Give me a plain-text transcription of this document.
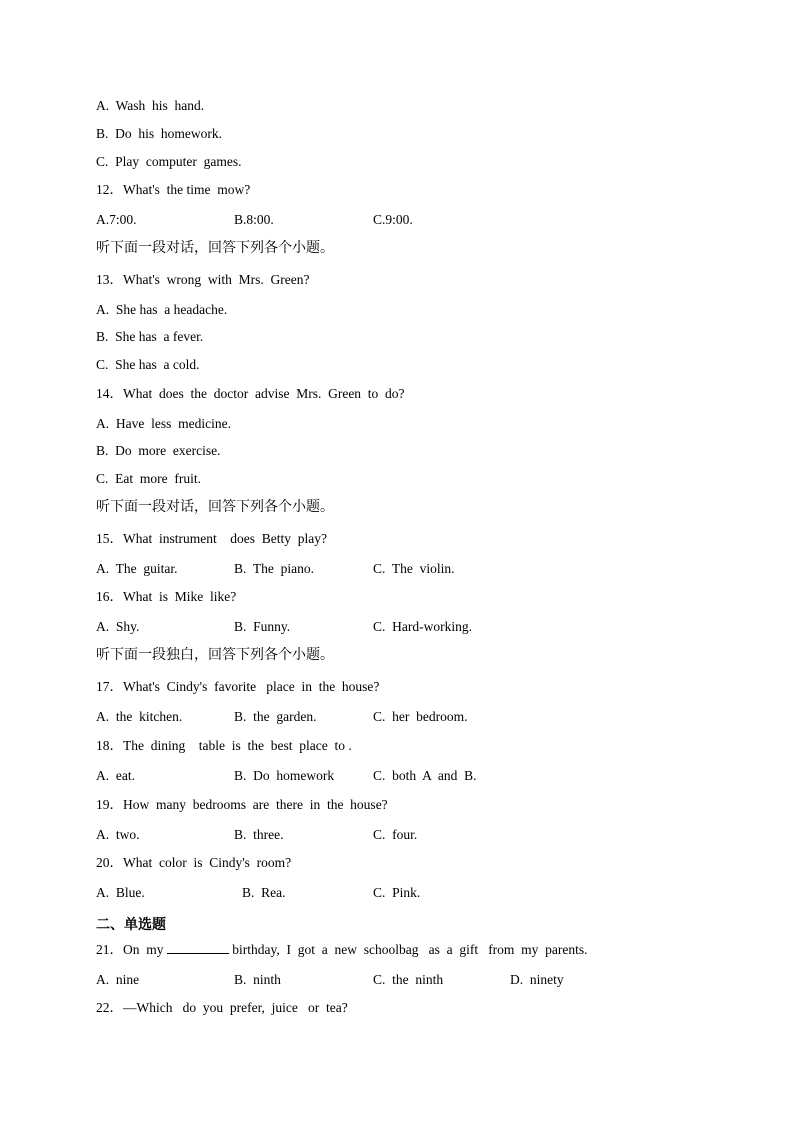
A.  Wash  his  hand.
B.  Do  his  homework.
C.  Play  computer  games.
12．What's  the time  mow?
A.7:00.	B.8:00.	C.9:00.
听下面一段对话，回答下列各个小题。
13．What's  wrong  with  Mrs.  Green?
A.  She has  a headache.
B.  She has  a fever.
C.  She has  a cold.
14．What  does  the  doctor  advise  Mrs.  Green  to  do?
A.  Have  less  medicine.
B.  Do  more  exercise.
C.  Eat  more  fruit.
听下面一段对话，回答下列各个小题。
15．What  instrument    does  Betty  play?
A.  The  guitar.	B.  The  piano.	C.  The  violin.
16．What  is  Mike  like?
A.  Shy.	B.  Funny.	C.  Hard-working.
听下面一段独白，回答下列各个小题。
17．What's  Cindy's  favorite   place  in  the  house?
A.  the  kitchen.	B.  the  garden.	C.  her  bedroom.
18．The  dining    table  is  the  best  place  to .
A.  eat.	B.  Do  homework	C.  both  A  and  B.
19．How  many  bedrooms  are  there  in  the  house?
A.  two.	B.  three.	C.  four.
20．What  color  is  Cindy's  room?
A.  Blue.	B.  Rea.	C.  Pink.
二、单选题
21．On  my	birthday,  I  got  a  new  schoolbag   as  a  gift   from  my  parents.
A.  nine	B.  ninth	C.  the  ninth	D.  ninety
22．—Which   do  you  prefer,  juice   or  tea?
